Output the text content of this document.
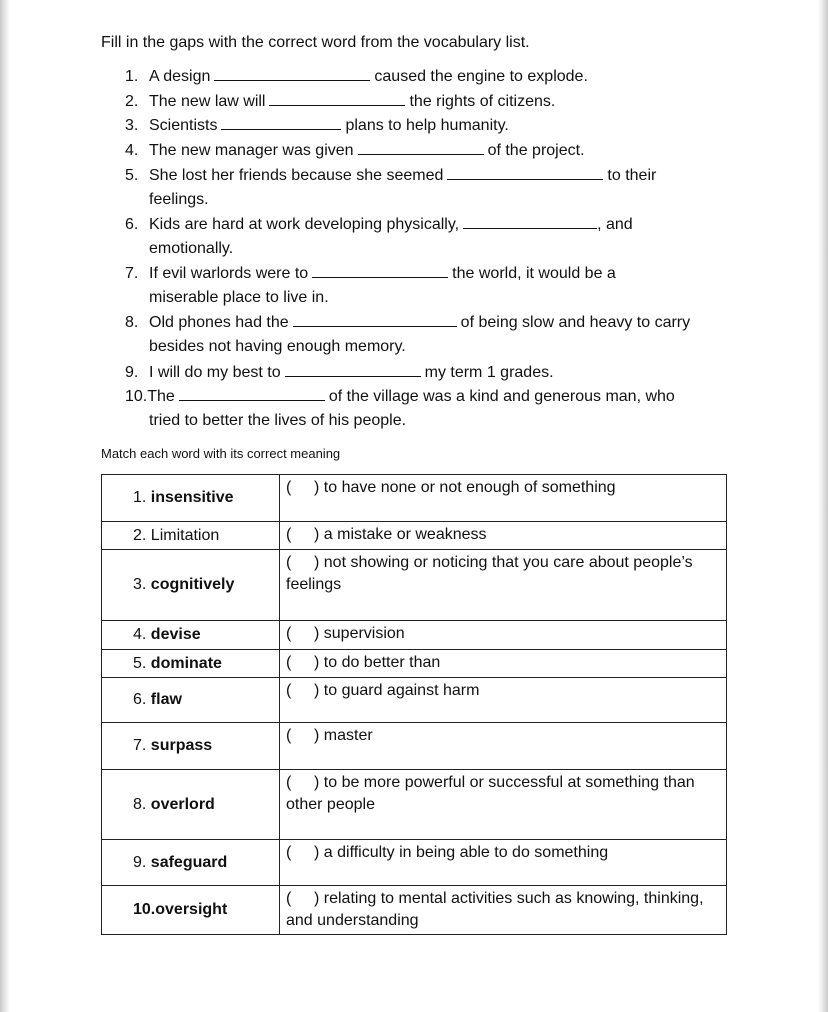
Fill in the gaps with the correct word from the vocabulary list.
1. A design	caused the engine to explode.
2. The new law will	the rights of citizens.
3. Scientists	plans to help humanity.
4. The new manager was given	of the project.
5. She lost her friends because she seemed	to their
feelings.
6. Kids are hard at work developing physically,	, and
emotionally.
7. If evil warlords were to	the world, it would be a
miserable place to live in.
8. Old phones had the	of being slow and heavy to carry
besides not having enough memory.
9. I will do my best to	my term 1 grades.
10.The	of the village was a kind and generous man, who
tried to better the lives of his people.
Match each word with its correct meaning
1. insensitive	( ) to have none or not enough of something
2. Limitation	( ) a mistake or weakness
3. cognitively	( ) not showing or noticing that you care about people’s feelings
4. devise	( ) supervision
5. dominate	( ) to do better than
6. flaw	( ) to guard against harm
7. surpass	( ) master
8. overlord	( ) to be more powerful or successful at something than other people
9. safeguard	( ) a difficulty in being able to do something
10.oversight	( ) relating to mental activities such as knowing, thinking, and understanding
